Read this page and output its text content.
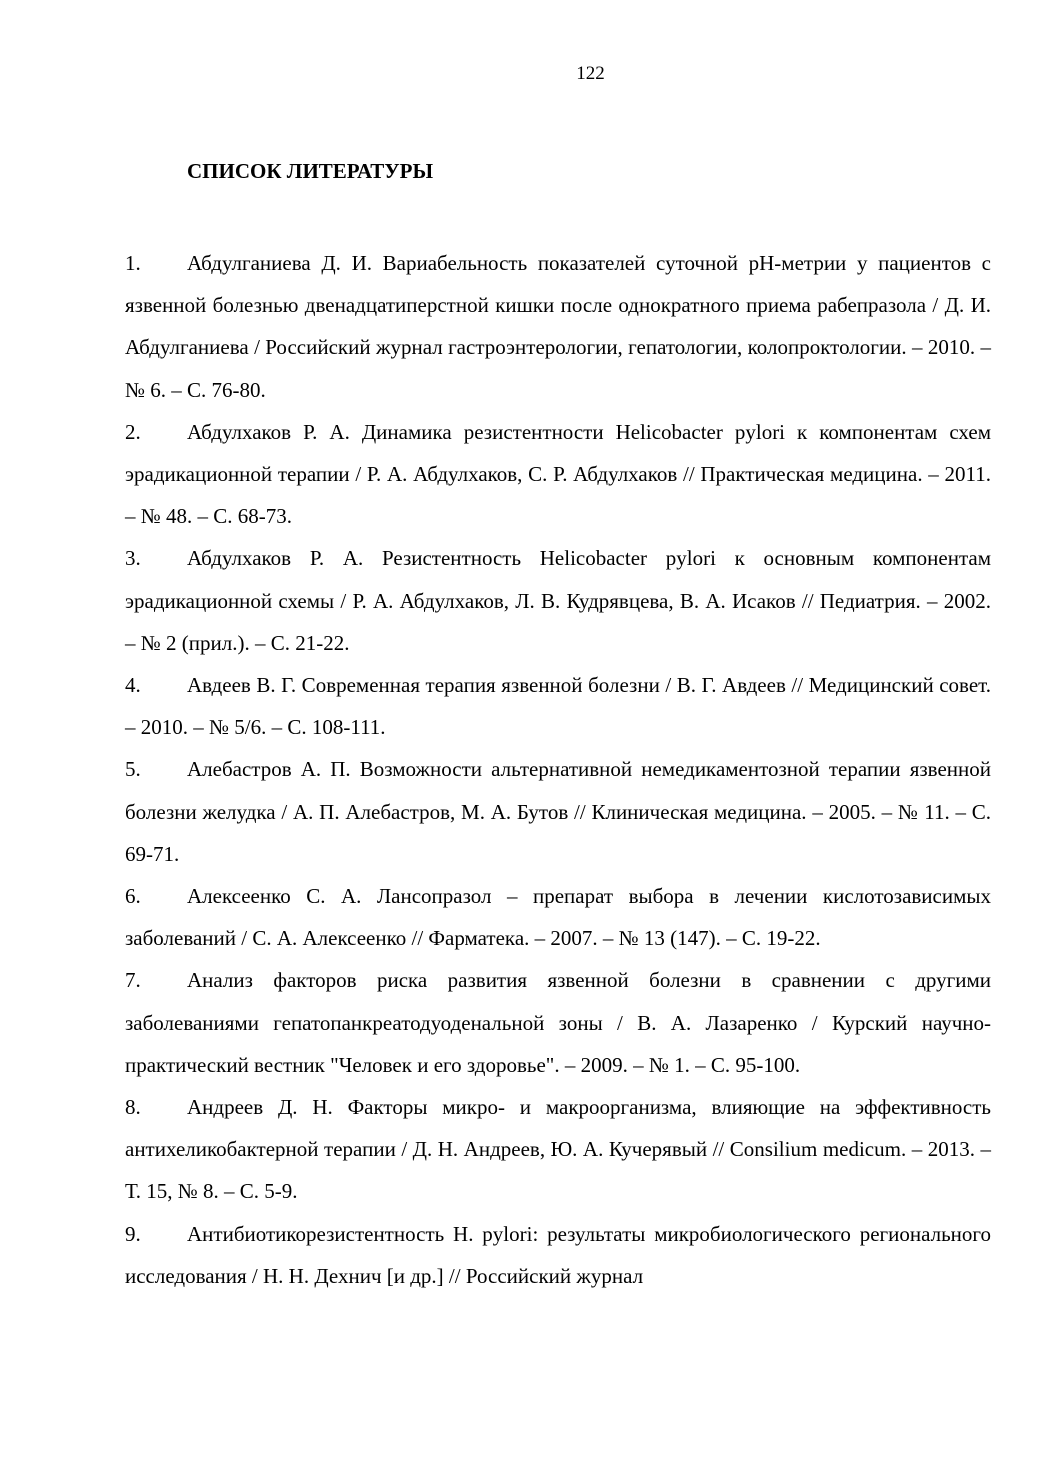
122
СПИСОК ЛИТЕРАТУРЫ
1. Абдулганиева Д. И. Вариабельность показателей суточной pH-метрии у пациентов с язвенной болезнью двенадцатиперстной кишки после однократного приема рабепразола / Д. И. Абдулганиева / Российский журнал гастроэнтерологии, гепатологии, колопроктологии. – 2010. – № 6. – С. 76-80.
2. Абдулхаков Р. А. Динамика резистентности Helicobacter pylori к компонентам схем эрадикационной терапии / Р. А. Абдулхаков, С. Р. Абдулхаков // Практическая медицина. – 2011. – № 48. – С. 68-73.
3. Абдулхаков Р. А. Резистентность Helicobacter pylori к основным компонентам эрадикационной схемы / Р. А. Абдулхаков, Л. В. Кудрявцева, В. А. Исаков // Педиатрия. – 2002. – № 2 (прил.). – С. 21-22.
4. Авдеев В. Г. Современная терапия язвенной болезни / В. Г. Авдеев // Медицинский совет. – 2010. – № 5/6. – С. 108-111.
5. Алебастров А. П. Возможности альтернативной немедикаментозной терапии язвенной болезни желудка / А. П. Алебастров, М. А. Бутов // Клиническая медицина. – 2005. – № 11. – С. 69-71.
6. Алексеенко С. А. Лансопразол – препарат выбора в лечении кислотозависимых заболеваний / С. А. Алексеенко // Фарматека. – 2007. – № 13 (147). – С. 19-22.
7. Анализ факторов риска развития язвенной болезни в сравнении с другими заболеваниями гепатопанкреатодуоденальной зоны / В. А. Лазаренко / Курский научно-практический вестник "Человек и его здоровье". – 2009. – № 1. – С. 95-100.
8. Андреев Д. Н. Факторы микро- и макроорганизма, влияющие на эффективность антихеликобактерной терапии / Д. Н. Андреев, Ю. А. Кучерявый // Consilium medicum. – 2013. – Т. 15, № 8. – С. 5-9.
9. Антибиотикорезистентность H. pylori: результаты микробиологического регионального исследования / Н. Н. Дехнич [и др.] // Российский журнал
